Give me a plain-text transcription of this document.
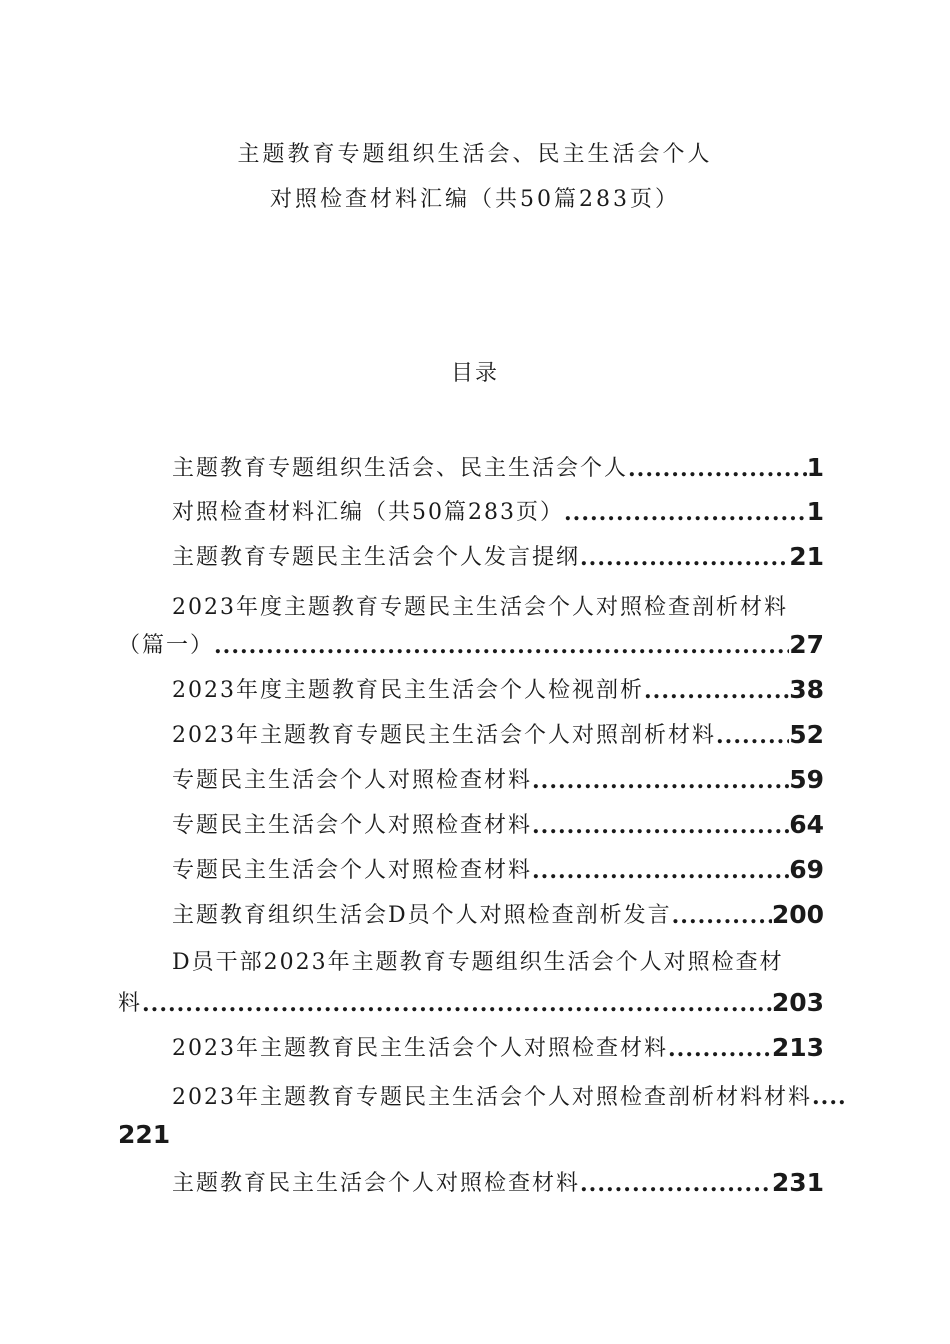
主题教育专题组织生活会、民主生活会个人
对照检查材料汇编（共50篇283页）
目录
主题教育专题组织生活会、民主生活会个人 .....	1
对照检查材料汇编（共50篇283页） .....	1
主题教育专题民主生活会个人发言提纲 .....	21
2023年度主题教育专题民主生活会个人对照检查剖析材料
（篇一） .....	27
2023年度主题教育民主生活会个人检视剖析 .....	38
2023年主题教育专题民主生活会个人对照剖析材料 .....	52
专题民主生活会个人对照检查材料 .....	59
专题民主生活会个人对照检查材料 .....	64
专题民主生活会个人对照检查材料 .....	69
主题教育组织生活会D员个人对照检查剖析发言 .....	200
D员干部2023年主题教育专题组织生活会个人对照检查材
料 .....	203
2023年主题教育民主生活会个人对照检查材料 .....	213
2023年主题教育专题民主生活会个人对照检查剖析材料材料....
221
主题教育民主生活会个人对照检查材料 .....	231
